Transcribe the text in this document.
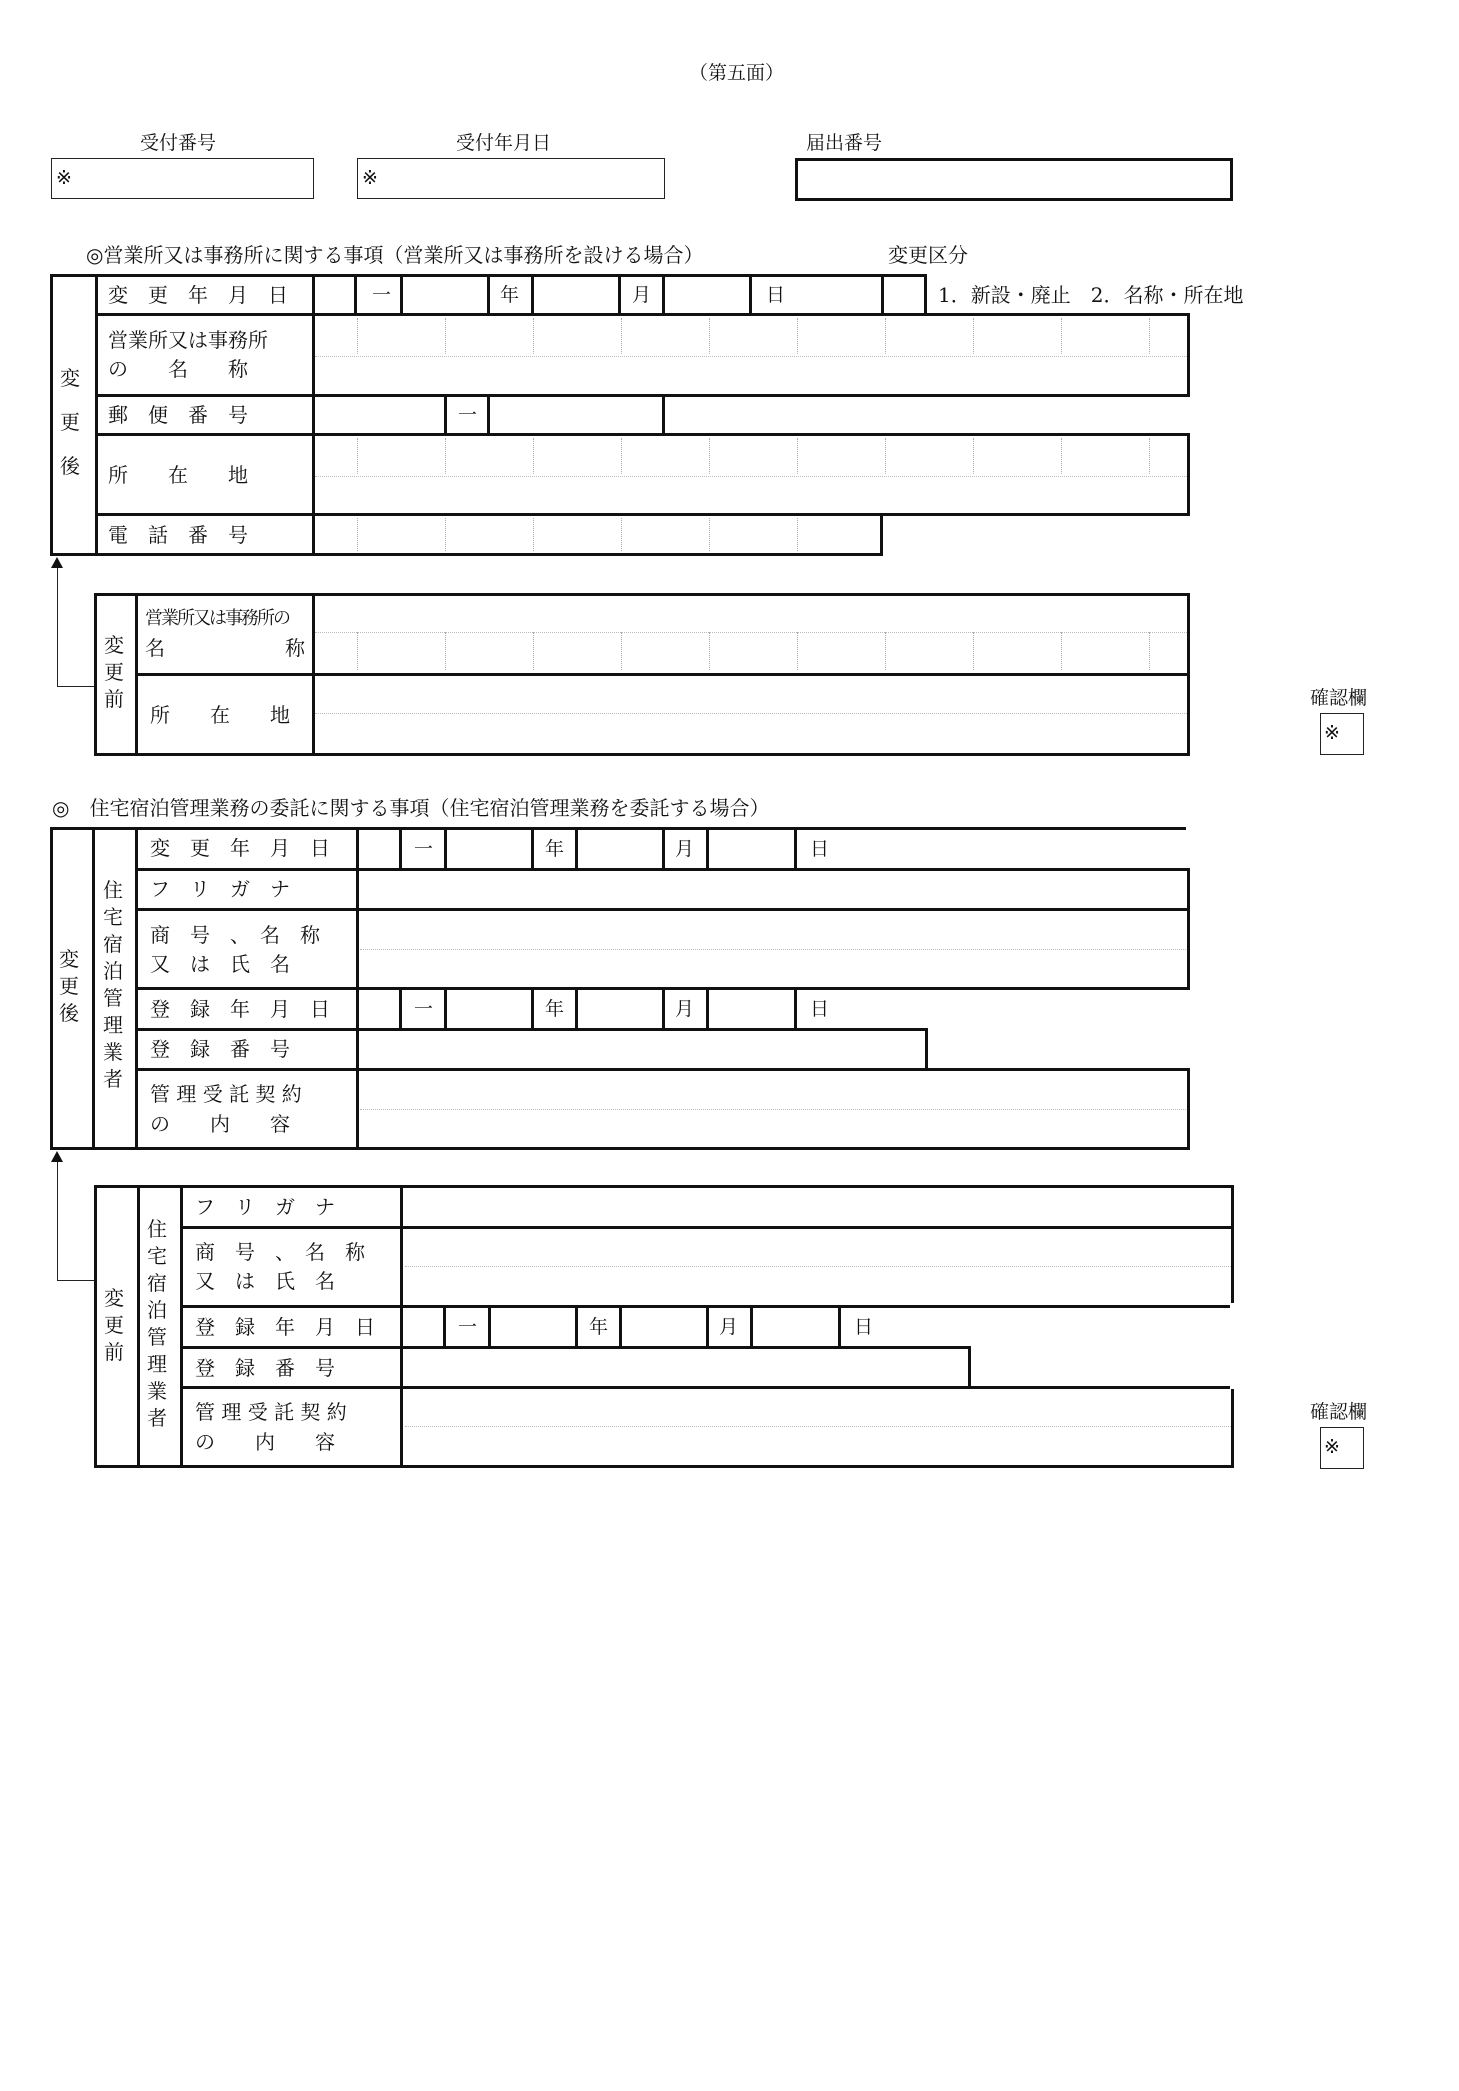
（第五面）
受付番号
※
受付年月日
※
届出番号
◎営業所又は事務所に関する事項（営業所又は事務所を設ける場合）	変更区分
変更後
変　更　年　月　日	一	年	月	日	1．新設・廃止　2．名称・所在地
営業所又は事務所
の　　名　　称
郵　便　番　号	一
所　　在　　地
電　話　番　号
変更前
営業所又は事務所の
名　　　　　　称
所　　在　　地
確認欄
※
◎　住宅宿泊管理業務の委託に関する事項（住宅宿泊管理業務を委託する場合）
変更後
住宅宿泊管理業者
変　更　年　月　日	一	年	月	日
フ　リ　ガ　ナ
商　号　、　名　称
又　は　氏　名
登　録　年　月　日	一	年	月	日
登　録　番　号
管 理 受 託 契 約
の　　内　　容
変更前
住宅宿泊管理業者
フ　リ　ガ　ナ
商　号　、　名　称
又　は　氏　名
登　録　年　月　日	一	年	月	日
登　録　番　号
管 理 受 託 契 約
の　　内　　容
確認欄
※
